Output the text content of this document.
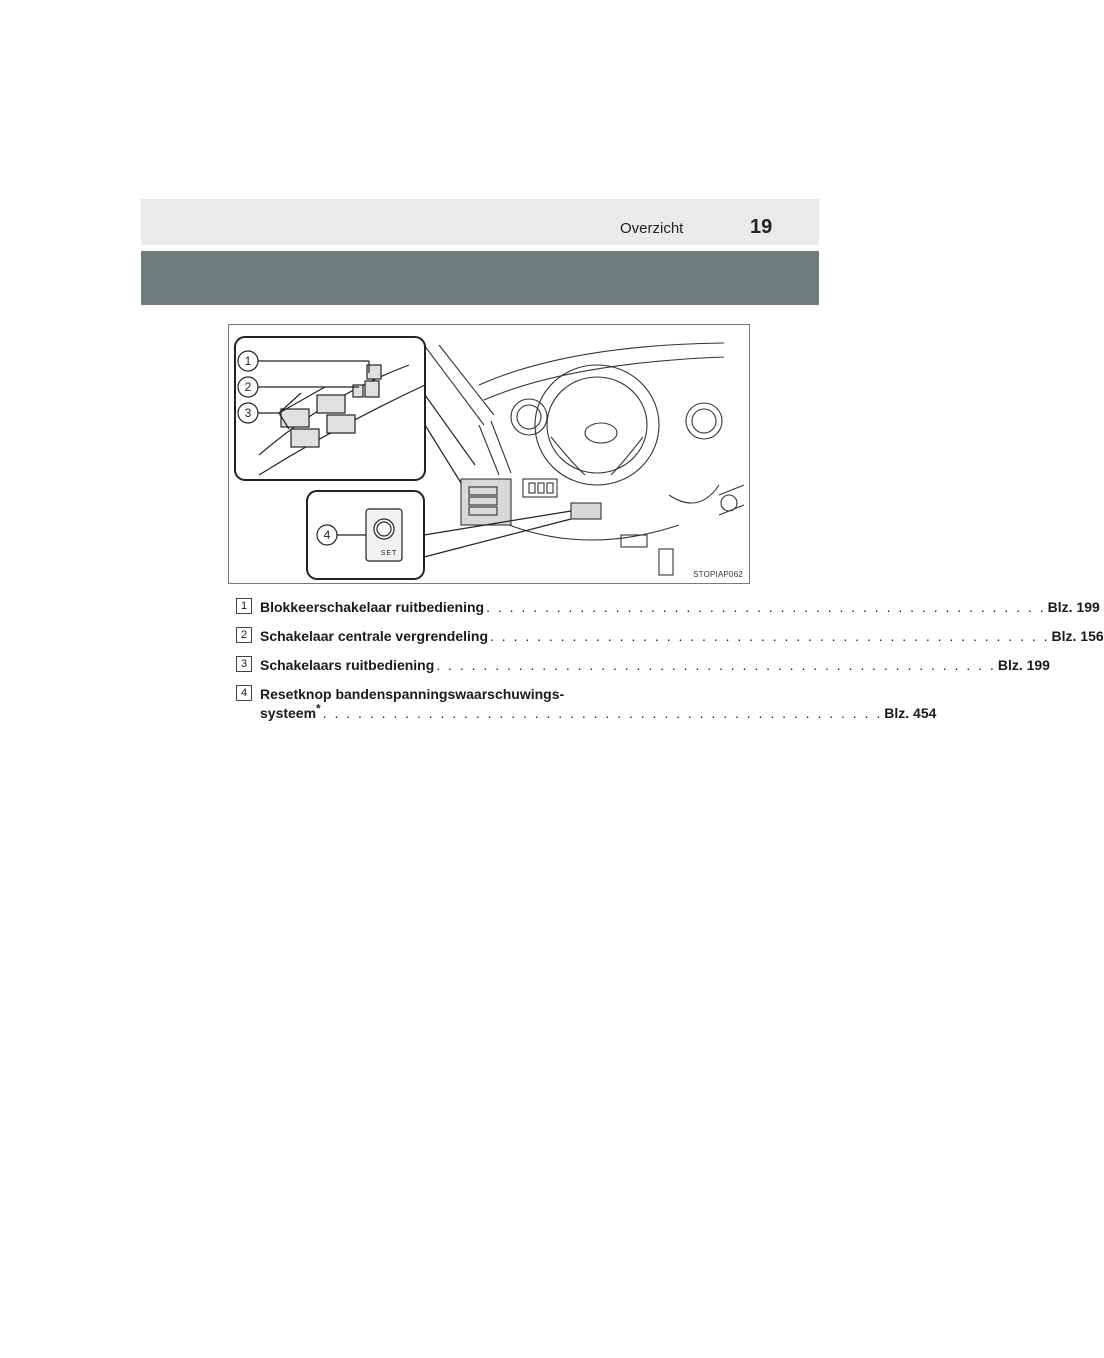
Overzicht	19
1
2
3
4
SET
STOPIAP062
1 Blokkeerschakelaar ruitbediening . . . . . . . . . . . . . . . . . . . . . . . . . . . . . . . . . . . . . . . . . . . . . . . . Blz. 199
2 Schakelaar centrale vergrendeling . . . . . . . . . . . . . . . . . . . . . . . . . . . . . . . . . . . . . . . . . . . . . . . . Blz. 156
3 Schakelaars ruitbediening . . . . . . . . . . . . . . . . . . . . . . . . . . . . . . . . . . . . . . . . . . . . . . . . Blz. 199
4 Resetknop bandenspanningswaarschuwings-
systeem* . . . . . . . . . . . . . . . . . . . . . . . . . . . . . . . . . . . . . . . . . . . . . . . . Blz. 454
